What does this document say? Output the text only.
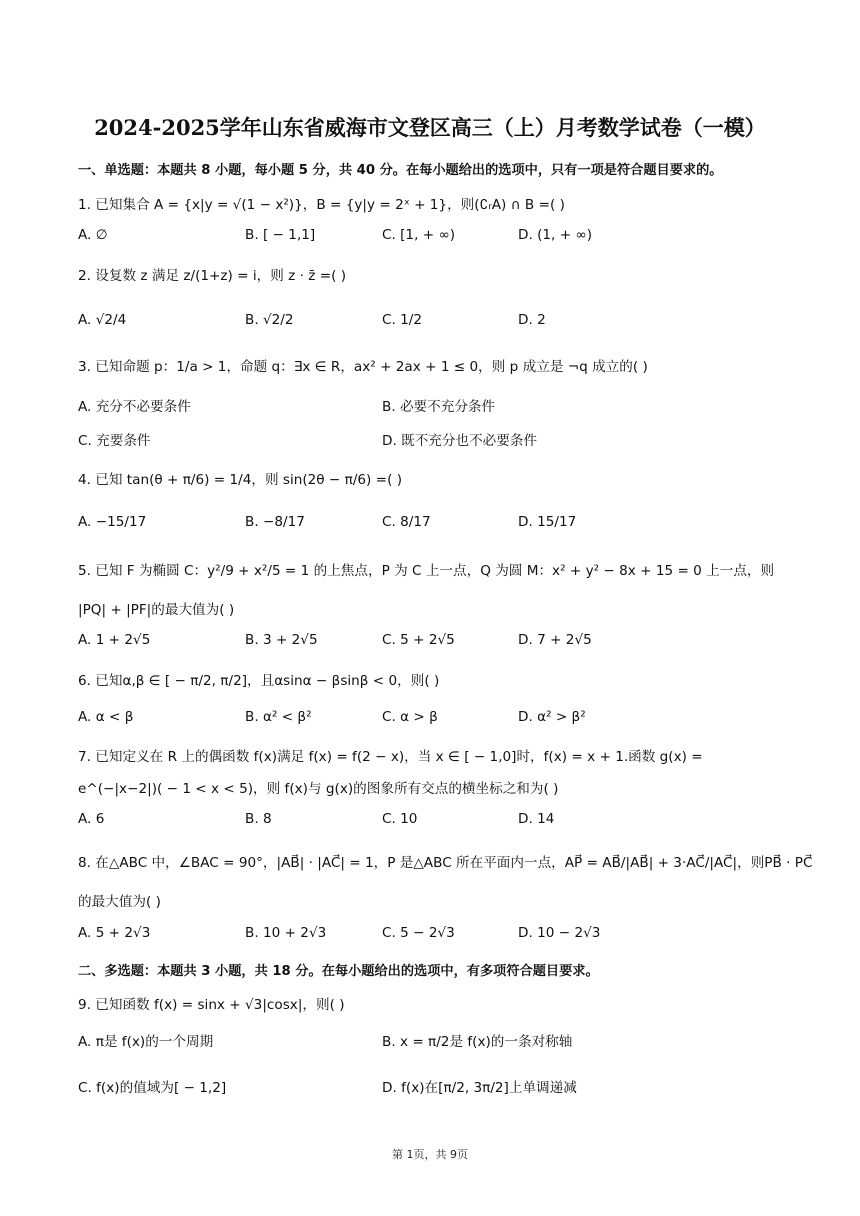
2024-2025学年山东省威海市文登区高三（上）月考数学试卷（一模）
一、单选题：本题共 8 小题，每小题 5 分，共 40 分。在每小题给出的选项中，只有一项是符合题目要求的。
1. 已知集合 A = {x|y = √(1 − x²)}，B = {y|y = 2ˣ + 1}，则(∁ᵣA) ∩ B =( )
A. ∅	B. [ − 1,1]	C. [1, + ∞)	D. (1, + ∞)
2. 设复数 z 满足 z/(1+z) = i，则 z · z̄ =( )
A. √2/4	B. √2/2	C. 1/2	D. 2
3. 已知命题 p：1/a > 1，命题 q：∃x ∈ R，ax² + 2ax + 1 ≤ 0，则 p 成立是 ¬q 成立的( )
A. 充分不必要条件	B. 必要不充分条件
C. 充要条件	D. 既不充分也不必要条件
4. 已知 tan(θ + π/6) = 1/4，则 sin(2θ − π/6) =( )
A. −15/17	B. −8/17	C. 8/17	D. 15/17
5. 已知 F 为椭圆 C：y²/9 + x²/5 = 1 的上焦点，P 为 C 上一点，Q 为圆 M：x² + y² − 8x + 15 = 0 上一点，则
|PQ| + |PF|的最大值为( )
A. 1 + 2√5	B. 3 + 2√5	C. 5 + 2√5	D. 7 + 2√5
6. 已知α,β ∈ [ − π/2, π/2]，且αsinα − βsinβ < 0，则( )
A. α < β	B. α² < β²	C. α > β	D. α² > β²
7. 已知定义在 R 上的偶函数 f(x)满足 f(x) = f(2 − x)，当 x ∈ [ − 1,0]时，f(x) = x + 1.函数 g(x) =
e^(−|x−2|)( − 1 < x < 5)，则 f(x)与 g(x)的图象所有交点的横坐标之和为( )
A. 6	B. 8	C. 10	D. 14
8. 在△ABC 中，∠BAC = 90°，|AB⃗| · |AC⃗| = 1，P 是△ABC 所在平面内一点，AP⃗ = AB⃗/|AB⃗| + 3·AC⃗/|AC⃗|，则PB⃗ · PC⃗
的最大值为( )
A. 5 + 2√3	B. 10 + 2√3	C. 5 − 2√3	D. 10 − 2√3
二、多选题：本题共 3 小题，共 18 分。在每小题给出的选项中，有多项符合题目要求。
9. 已知函数 f(x) = sinx + √3|cosx|，则( )
A. π是 f(x)的一个周期	B. x = π/2是 f(x)的一条对称轴
C. f(x)的值域为[ − 1,2]	D. f(x)在[π/2, 3π/2]上单调递减
第 1页，共 9页
